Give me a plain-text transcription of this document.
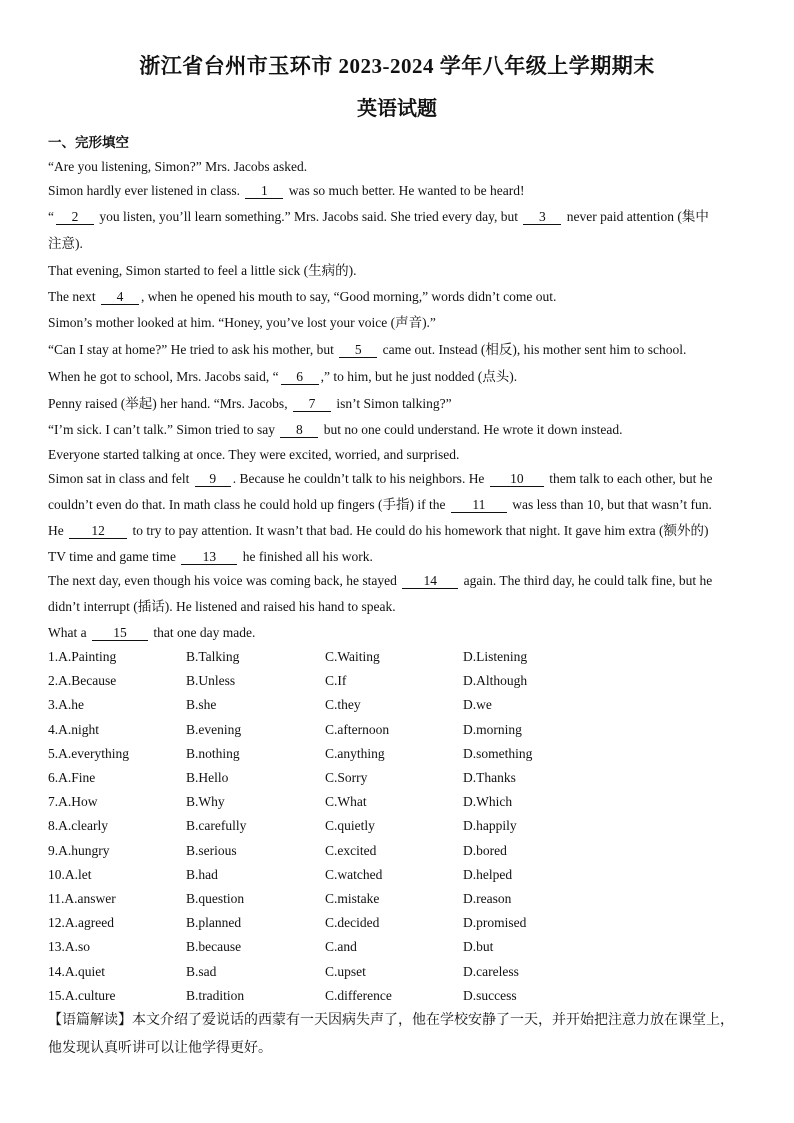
浙江省台州市玉环市 2023-2024 学年八年级上学期期末
英语试题
一、完形填空
“Are you listening, Simon?” Mrs. Jacobs asked.
Simon hardly ever listened in class. 1 was so much better. He wanted to be heard!
“ 2 you listen, you’ll learn something.” Mrs. Jacobs said. She tried every day, but 3 never paid attention (集中
注意).
That evening, Simon started to feel a little sick (生病的).
The next 4 , when he opened his mouth to say, “Good morning,” words didn’t come out.
Simon’s mother looked at him. “Honey, you’ve lost your voice (声音).”
“Can I stay at home?” He tried to ask his mother, but 5 came out. Instead (相反), his mother sent him to school.
When he got to school, Mrs. Jacobs said, “ 6 ,” to him, but he just nodded (点头).
Penny raised (举起) her hand. “Mrs. Jacobs, 7 isn’t Simon talking?”
“I’m sick. I can’t talk.” Simon tried to say 8 but no one could understand. He wrote it down instead.
Everyone started talking at once. They were excited, worried, and surprised.
Simon sat in class and felt 9 . Because he couldn’t talk to his neighbors. He 10 them talk to each other, but he
couldn’t even do that. In math class he could hold up fingers (手指) if the 11 was less than 10, but that wasn’t fun.
He 12 to try to pay attention. It wasn’t that bad. He could do his homework that night. It gave him extra (额外的)
TV time and game time 13 he finished all his work.
The next day, even though his voice was coming back, he stayed 14 again. The third day, he could talk fine, but he
didn’t interrupt (插话). He listened and raised his hand to speak.
What a 15 that one day made.
1.A.Painting	B.Talking	C.Waiting	D.Listening
2.A.Because	B.Unless	C.If	D.Although
3.A.he	B.she	C.they	D.we
4.A.night	B.evening	C.afternoon	D.morning
5.A.everything	B.nothing	C.anything	D.something
6.A.Fine	B.Hello	C.Sorry	D.Thanks
7.A.How	B.Why	C.What	D.Which
8.A.clearly	B.carefully	C.quietly	D.happily
9.A.hungry	B.serious	C.excited	D.bored
10.A.let	B.had	C.watched	D.helped
11.A.answer	B.question	C.mistake	D.reason
12.A.agreed	B.planned	C.decided	D.promised
13.A.so	B.because	C.and	D.but
14.A.quiet	B.sad	C.upset	D.careless
15.A.culture	B.tradition	C.difference	D.success
【语篇解读】本文介绍了爱说话的西蒙有一天因病失声了，他在学校安静了一天，并开始把注意力放在课堂上，
他发现认真听讲可以让他学得更好。
